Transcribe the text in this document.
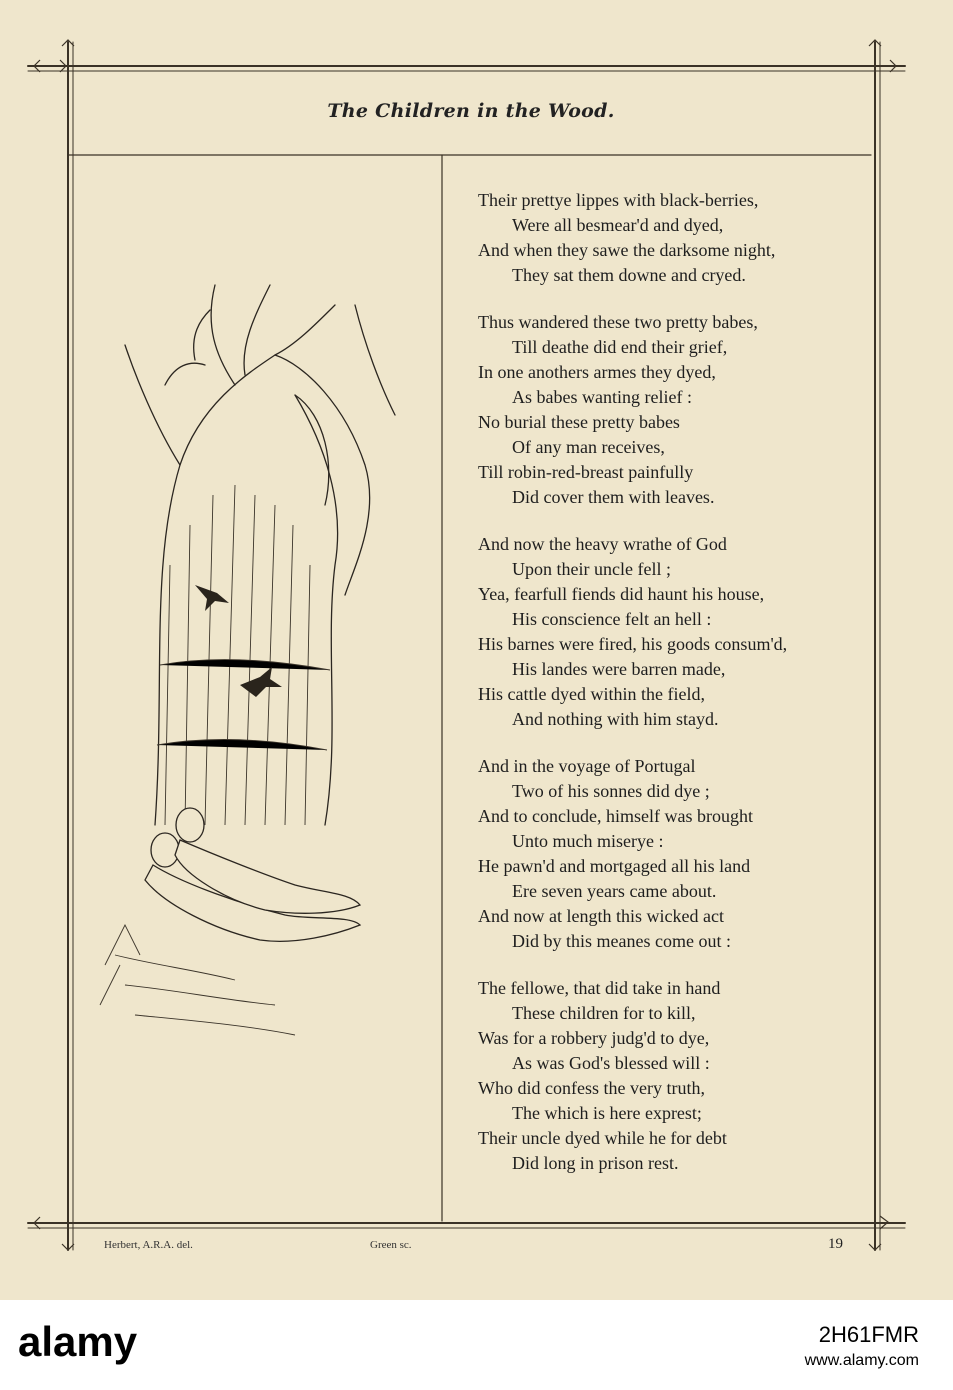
The Children in the Wood.
Their prettye lippes with black-berries,
Were all besmear'd and dyed,
And when they sawe the darksome night,
They sat them downe and cryed.
Thus wandered these two pretty babes,
Till deathe did end their grief,
In one anothers armes they dyed,
As babes wanting relief :
No burial these pretty babes
Of any man receives,
Till robin-red-breast painfully
Did cover them with leaves.
And now the heavy wrathe of God
Upon their uncle fell ;
Yea, fearfull fiends did haunt his house,
His conscience felt an hell :
His barnes were fired, his goods consum'd,
His landes were barren made,
His cattle dyed within the field,
And nothing with him stayd.
And in the voyage of Portugal
Two of his sonnes did dye ;
And to conclude, himself was brought
Unto much miserye :
He pawn'd and mortgaged all his land
Ere seven years came about.
And now at length this wicked act
Did by this meanes come out :
The fellowe, that did take in hand
These children for to kill,
Was for a robbery judg'd to dye,
As was God's blessed will :
Who did confess the very truth,
The which is here exprest;
Their uncle dyed while he for debt
Did long in prison rest.
Herbert, A.R.A. del.	Green sc.	19
alamy	2H61FMR
www.alamy.com
